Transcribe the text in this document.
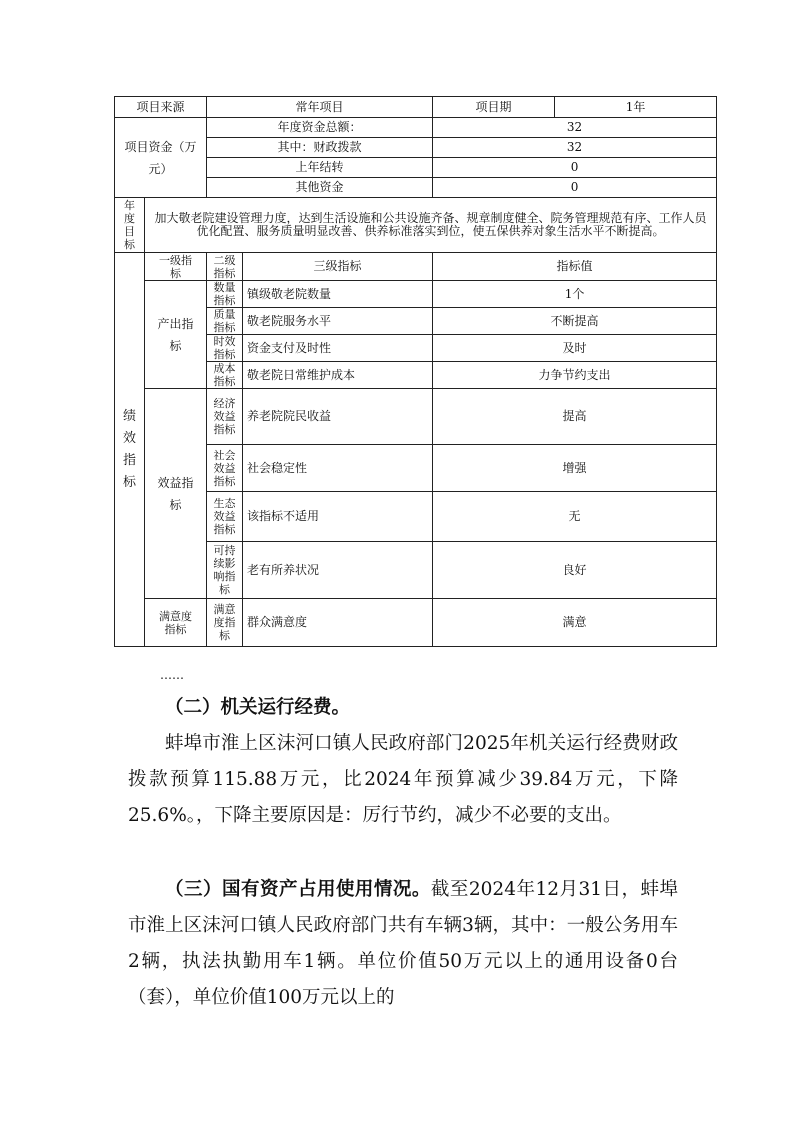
项目来源		常年项目		项目期	1年
项目资金（万元）		年度资金总额：		32	
		其中：财政拨款		32	
		上年结转		0	
		其他资金		0	
年度目标	加大敬老院建设管理力度，达到生活设施和公共设施齐备、规章制度健全、院务管理规范有序、工作人员优化配置、服务质量明显改善、供养标准落实到位，使五保供养对象生活水平不断提高。				
绩效指标	一级指标	二级指标	三级指标	指标值	
	产出指标	数量指标	镇级敬老院数量	1个	
		质量指标	敬老院服务水平	不断提高	
		时效指标	资金支付及时性	及时	
		成本指标	敬老院日常维护成本	力争节约支出	
	效益指标	经济效益指标	养老院院民收益	提高	

		社会效益指标	社会稳定性	增强	

		生态效益指标	该指标不适用	无	

		可持续影响指标	老有所养状况	良好	

	满意度指标	满意度指标	群众满意度	满意	
……

（二）机关运行经费。

蚌埠市淮上区沫河口镇人民政府部门2025年机关运行经费财政拨款预算115.88万元，比2024年预算减少39.84万元，下降25.6%。，下降主要原因是：厉行节约，减少不必要的支出。

（三）国有资产占用使用情况。截至2024年12月31日，蚌埠市淮上区沫河口镇人民政府部门共有车辆3辆，其中：一般公务用车2辆，执法执勤用车1辆。单位价值50万元以上的通用设备0台（套），单位价值100万元以上的
